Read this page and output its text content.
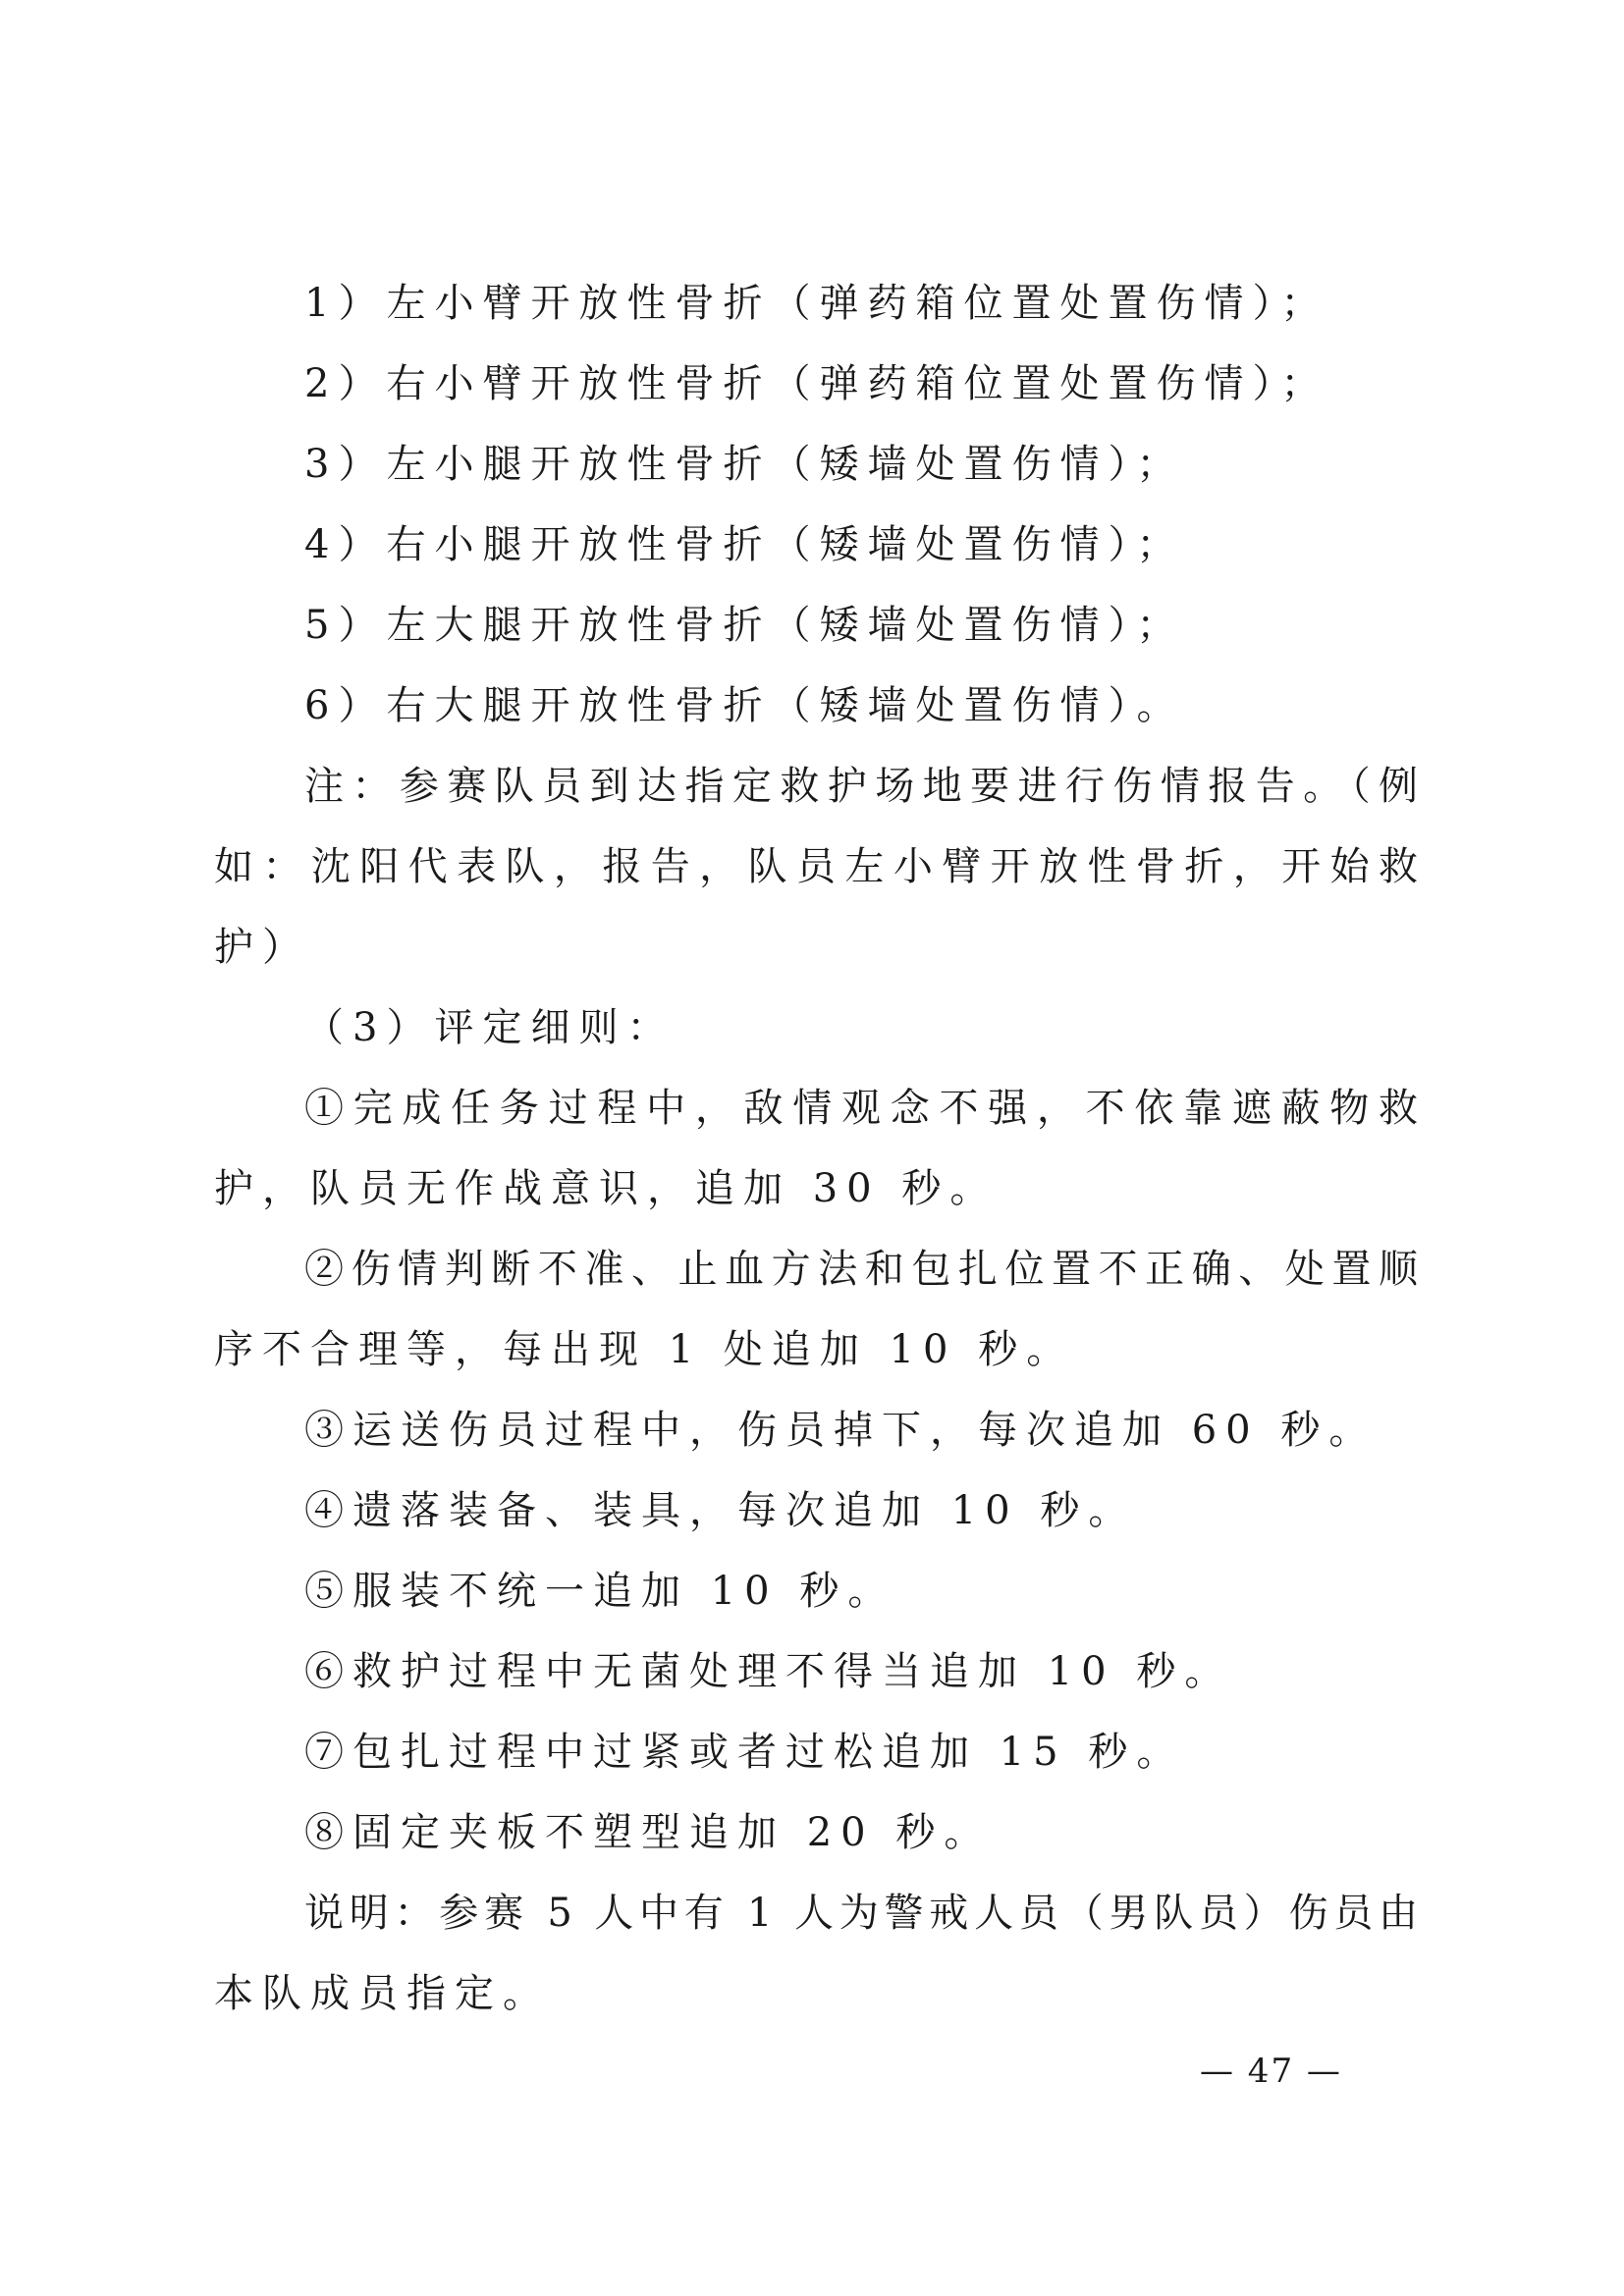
1）左小臂开放性骨折（弹药箱位置处置伤情）；
2）右小臂开放性骨折（弹药箱位置处置伤情）；
3）左小腿开放性骨折（矮墙处置伤情）；
4）右小腿开放性骨折（矮墙处置伤情）；
5）左大腿开放性骨折（矮墙处置伤情）；
6）右大腿开放性骨折（矮墙处置伤情）。
注：参赛队员到达指定救护场地要进行伤情报告。（例
如：沈阳代表队，报告，队员左小臂开放性骨折，开始救
护）
（3）评定细则：
①完成任务过程中，敌情观念不强，不依靠遮蔽物救
护，队员无作战意识，追加 30 秒。
②伤情判断不准、止血方法和包扎位置不正确、处置顺
序不合理等，每出现 1 处追加 10 秒。
③运送伤员过程中，伤员掉下，每次追加 60 秒。
④遗落装备、装具，每次追加 10 秒。
⑤服装不统一追加 10 秒。
⑥救护过程中无菌处理不得当追加 10 秒。
⑦包扎过程中过紧或者过松追加 15 秒。
⑧固定夹板不塑型追加 20 秒。
说明：参赛 5 人中有 1 人为警戒人员（男队员）伤员由
本队成员指定。
— 47 —
